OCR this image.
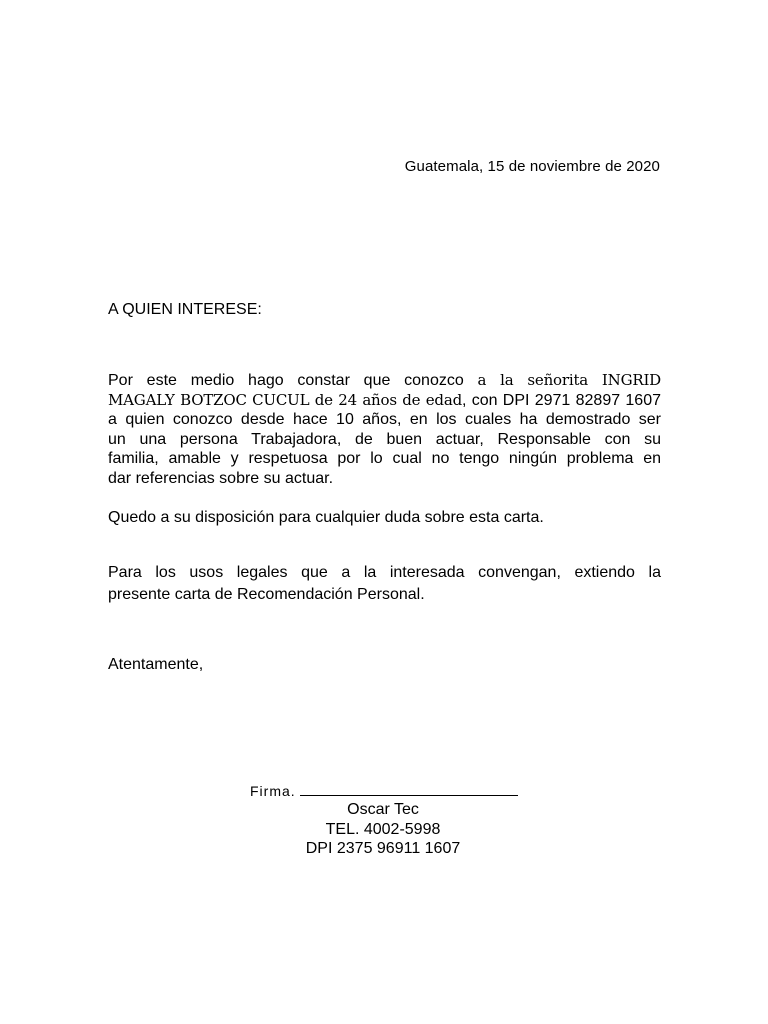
Guatemala, 15 de noviembre de 2020
A QUIEN INTERESE:
Por este medio hago constar que conozco a la señorita INGRID
MAGALY BOTZOC CUCUL de 24 años de edad, con DPI 2971 82897 1607
a quien conozco desde hace 10 años, en los cuales ha demostrado ser
un una persona Trabajadora, de buen actuar, Responsable con su
familia, amable y respetuosa por lo cual no tengo ningún problema en
dar referencias sobre su actuar.
Quedo a su disposición para cualquier duda sobre esta carta.
Para los usos legales que a la interesada convengan, extiendo la
presente carta de Recomendación Personal.
Atentamente,
Firma.
Oscar Tec
TEL. 4002-5998
DPI 2375 96911 1607
